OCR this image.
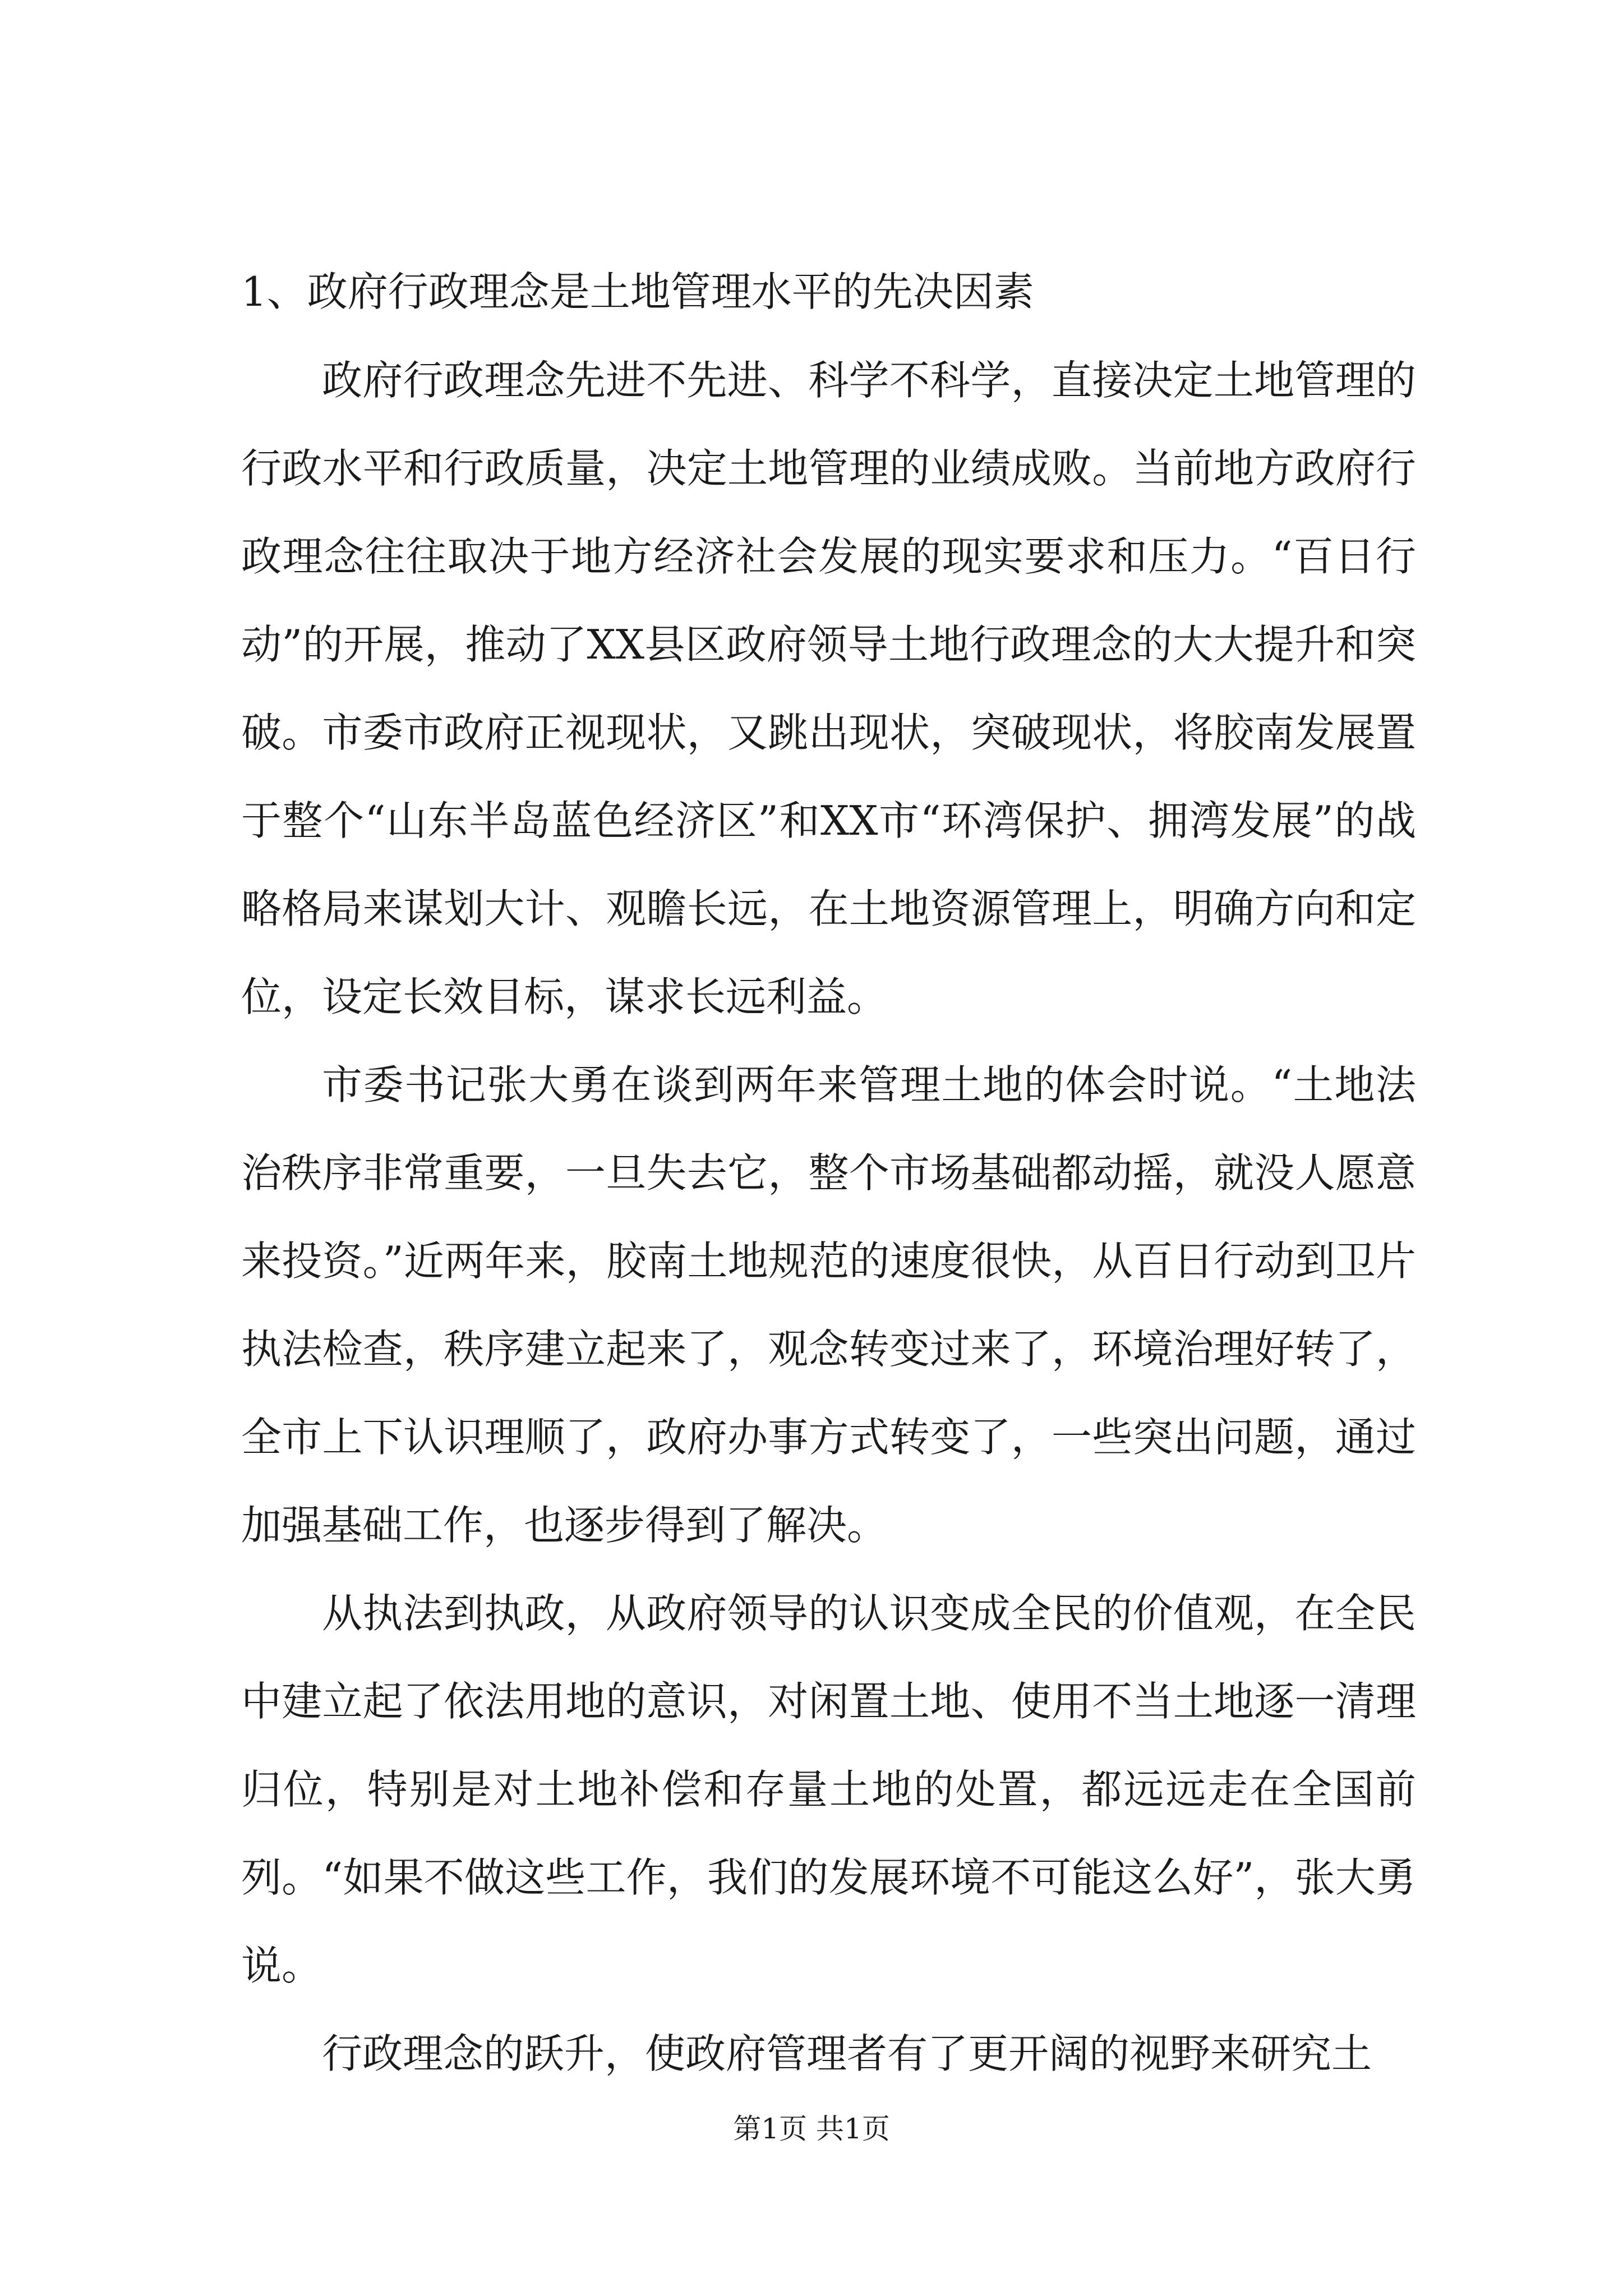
1、政府行政理念是土地管理水平的先决因素

政府行政理念先进不先进、科学不科学，直接决定土地管理的行政水平和行政质量，决定土地管理的业绩成败。当前地方政府行政理念往往取决于地方经济社会发展的现实要求和压力。“百日行动”的开展，推动了XX县区政府领导土地行政理念的大大提升和突破。市委市政府正视现状，又跳出现状，突破现状，将胶南发展置于整个“山东半岛蓝色经济区”和XX市“环湾保护、拥湾发展”的战略格局来谋划大计、观瞻长远，在土地资源管理上，明确方向和定位，设定长效目标，谋求长远利益。

市委书记张大勇在谈到两年来管理土地的体会时说。“土地法治秩序非常重要，一旦失去它，整个市场基础都动摇，就没人愿意来投资。”近两年来，胶南土地规范的速度很快，从百日行动到卫片执法检查，秩序建立起来了，观念转变过来了，环境治理好转了，全市上下认识理顺了，政府办事方式转变了，一些突出问题，通过加强基础工作，也逐步得到了解决。

从执法到执政，从政府领导的认识变成全民的价值观，在全民中建立起了依法用地的意识，对闲置土地、使用不当土地逐一清理归位，特别是对土地补偿和存量土地的处置，都远远走在全国前列。“如果不做这些工作，我们的发展环境不可能这么好”，张大勇说。

行政理念的跃升，使政府管理者有了更开阔的视野来研究土

第1页 共1页
